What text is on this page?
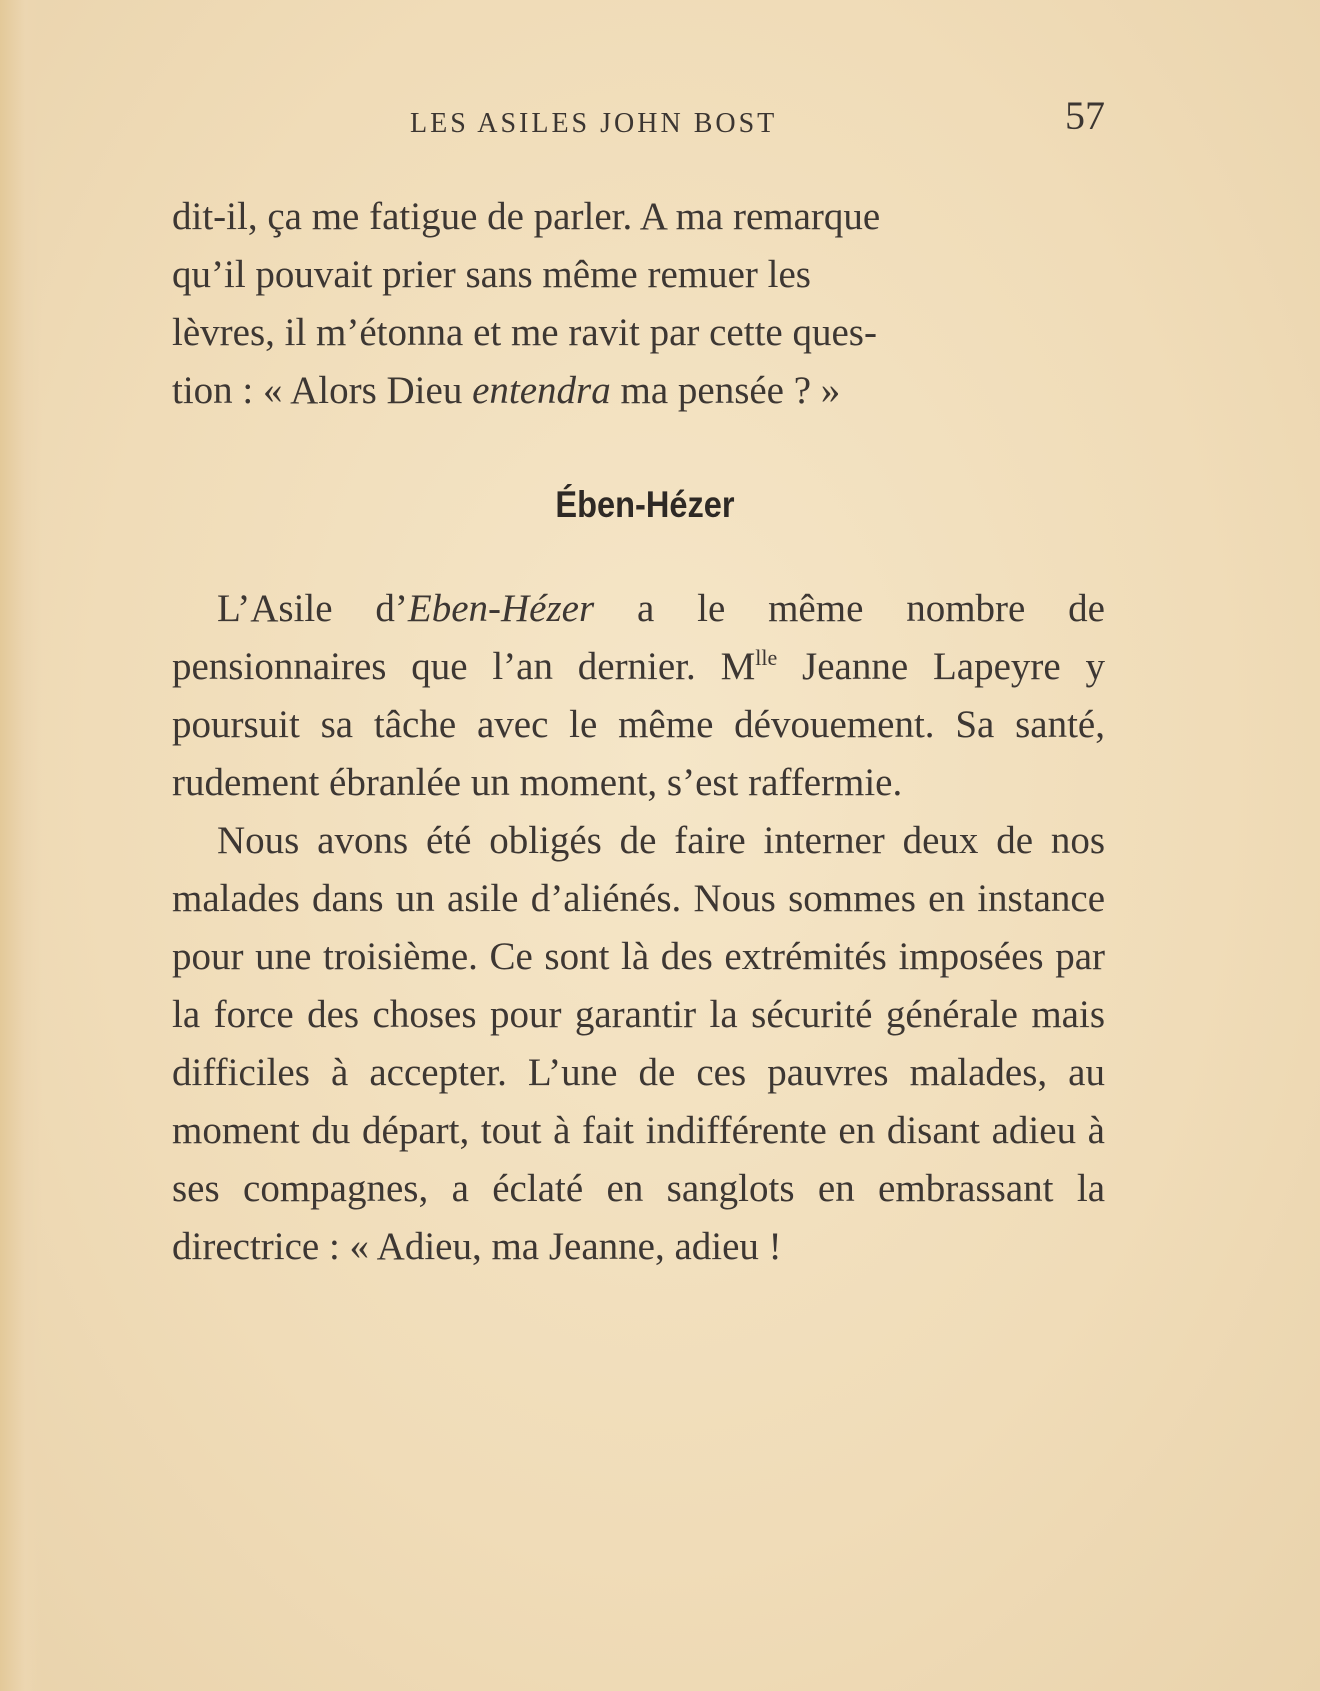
LES ASILES JOHN BOST	57

dit-il, ça me fatigue de parler. A ma remarque

qu’il pouvait prier sans même remuer les

lèvres, il m’étonna et me ravit par cette ques-

tion : « Alors Dieu entendra ma pensée ? »

Ében-Hézer

L’Asile d’Eben-Hézer a le même nombre de pensionnaires que l’an dernier. $M^{lle}$ Jeanne Lapeyre y poursuit sa tâche avec le même dévouement. Sa santé, rudement ébranlée un moment, s’est raffermie.

Nous avons été obligés de faire interner deux de nos malades dans un asile d’aliénés. Nous sommes en instance pour une troisième. Ce sont là des extrémités imposées par la force des choses pour garantir la sécurité générale mais difficiles à accepter. L’une de ces pauvres malades, au moment du départ, tout à fait indifférente en disant adieu à ses compagnes, a éclaté en sanglots en embrassant la directrice : « Adieu, ma Jeanne, adieu !
